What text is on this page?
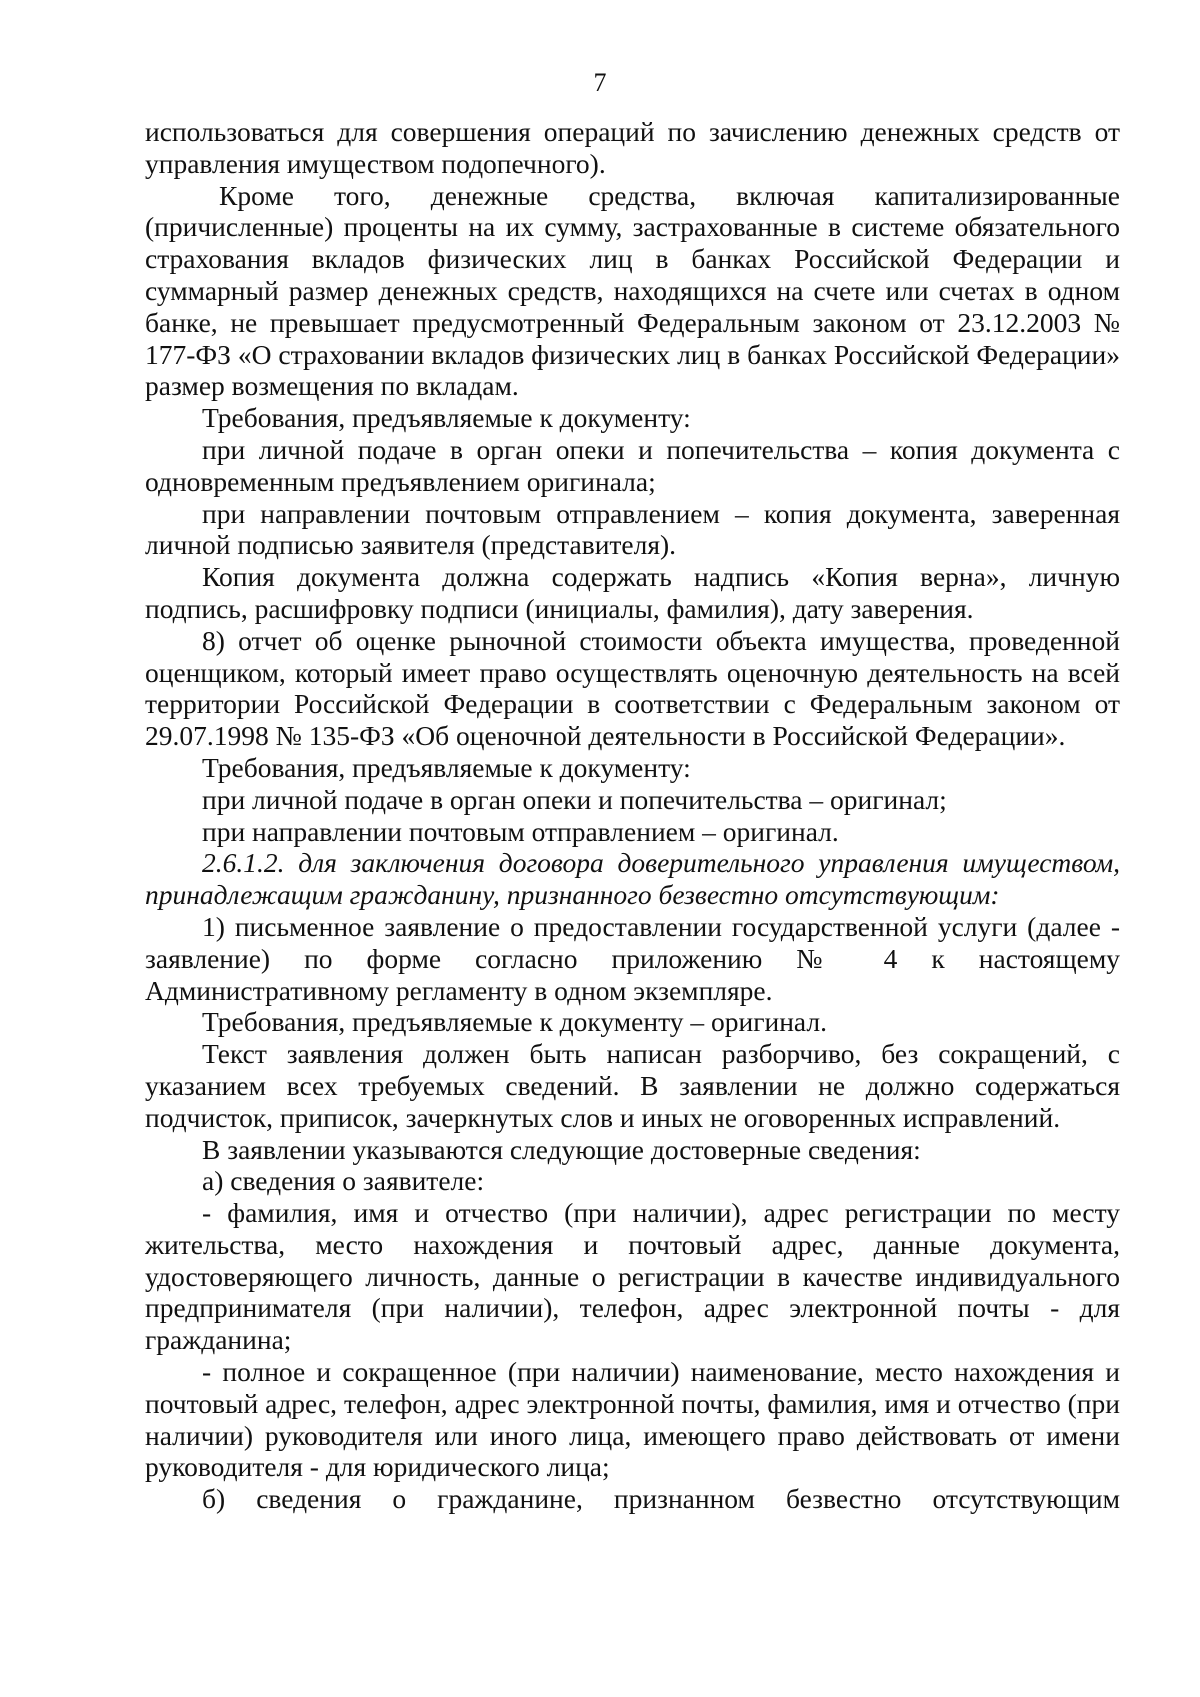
7

использоваться для совершения операций по зачислению денежных средств от управления имуществом подопечного).

Кроме того, денежные средства, включая капитализированные (причисленные) проценты на их сумму, застрахованные в системе обязательного страхования вкладов физических лиц в банках Российской Федерации и суммарный размер денежных средств, находящихся на счете или счетах в одном банке, не превышает предусмотренный Федеральным законом от 23.12.2003 № 177-ФЗ «О страховании вкладов физических лиц в банках Российской Федерации» размер возмещения по вкладам.

Требования, предъявляемые к документу:

при личной подаче в орган опеки и попечительства – копия документа с одновременным предъявлением оригинала;

при направлении почтовым отправлением – копия документа, заверенная личной подписью заявителя (представителя).

Копия документа должна содержать надпись «Копия верна», личную подпись, расшифровку подписи (инициалы, фамилия), дату заверения.

8) отчет об оценке рыночной стоимости объекта имущества, проведенной оценщиком, который имеет право осуществлять оценочную деятельность на всей территории Российской Федерации в соответствии с Федеральным законом от 29.07.1998 № 135-ФЗ «Об оценочной деятельности в Российской Федерации».

Требования, предъявляемые к документу:

при личной подаче в орган опеки и попечительства – оригинал;

при направлении почтовым отправлением – оригинал.

2.6.1.2. для заключения договора доверительного управления имуществом, принадлежащим гражданину, признанного безвестно отсутствующим:

1) письменное заявление о предоставлении государственной услуги (далее - заявление) по форме согласно приложению № 4 к настоящему Административному регламенту в одном экземпляре.

Требования, предъявляемые к документу – оригинал.

Текст заявления должен быть написан разборчиво, без сокращений, с указанием всех требуемых сведений. В заявлении не должно содержаться подчисток, приписок, зачеркнутых слов и иных не оговоренных исправлений.

В заявлении указываются следующие достоверные сведения:

а) сведения о заявителе:

- фамилия, имя и отчество (при наличии), адрес регистрации по месту жительства, место нахождения и почтовый адрес, данные документа, удостоверяющего личность, данные о регистрации в качестве индивидуального предпринимателя (при наличии), телефон, адрес электронной почты - для гражданина;

- полное и сокращенное (при наличии) наименование, место нахождения и почтовый адрес, телефон, адрес электронной почты, фамилия, имя и отчество (при наличии) руководителя или иного лица, имеющего право действовать от имени руководителя - для юридического лица;

б) сведения о гражданине, признанном безвестно отсутствующим
